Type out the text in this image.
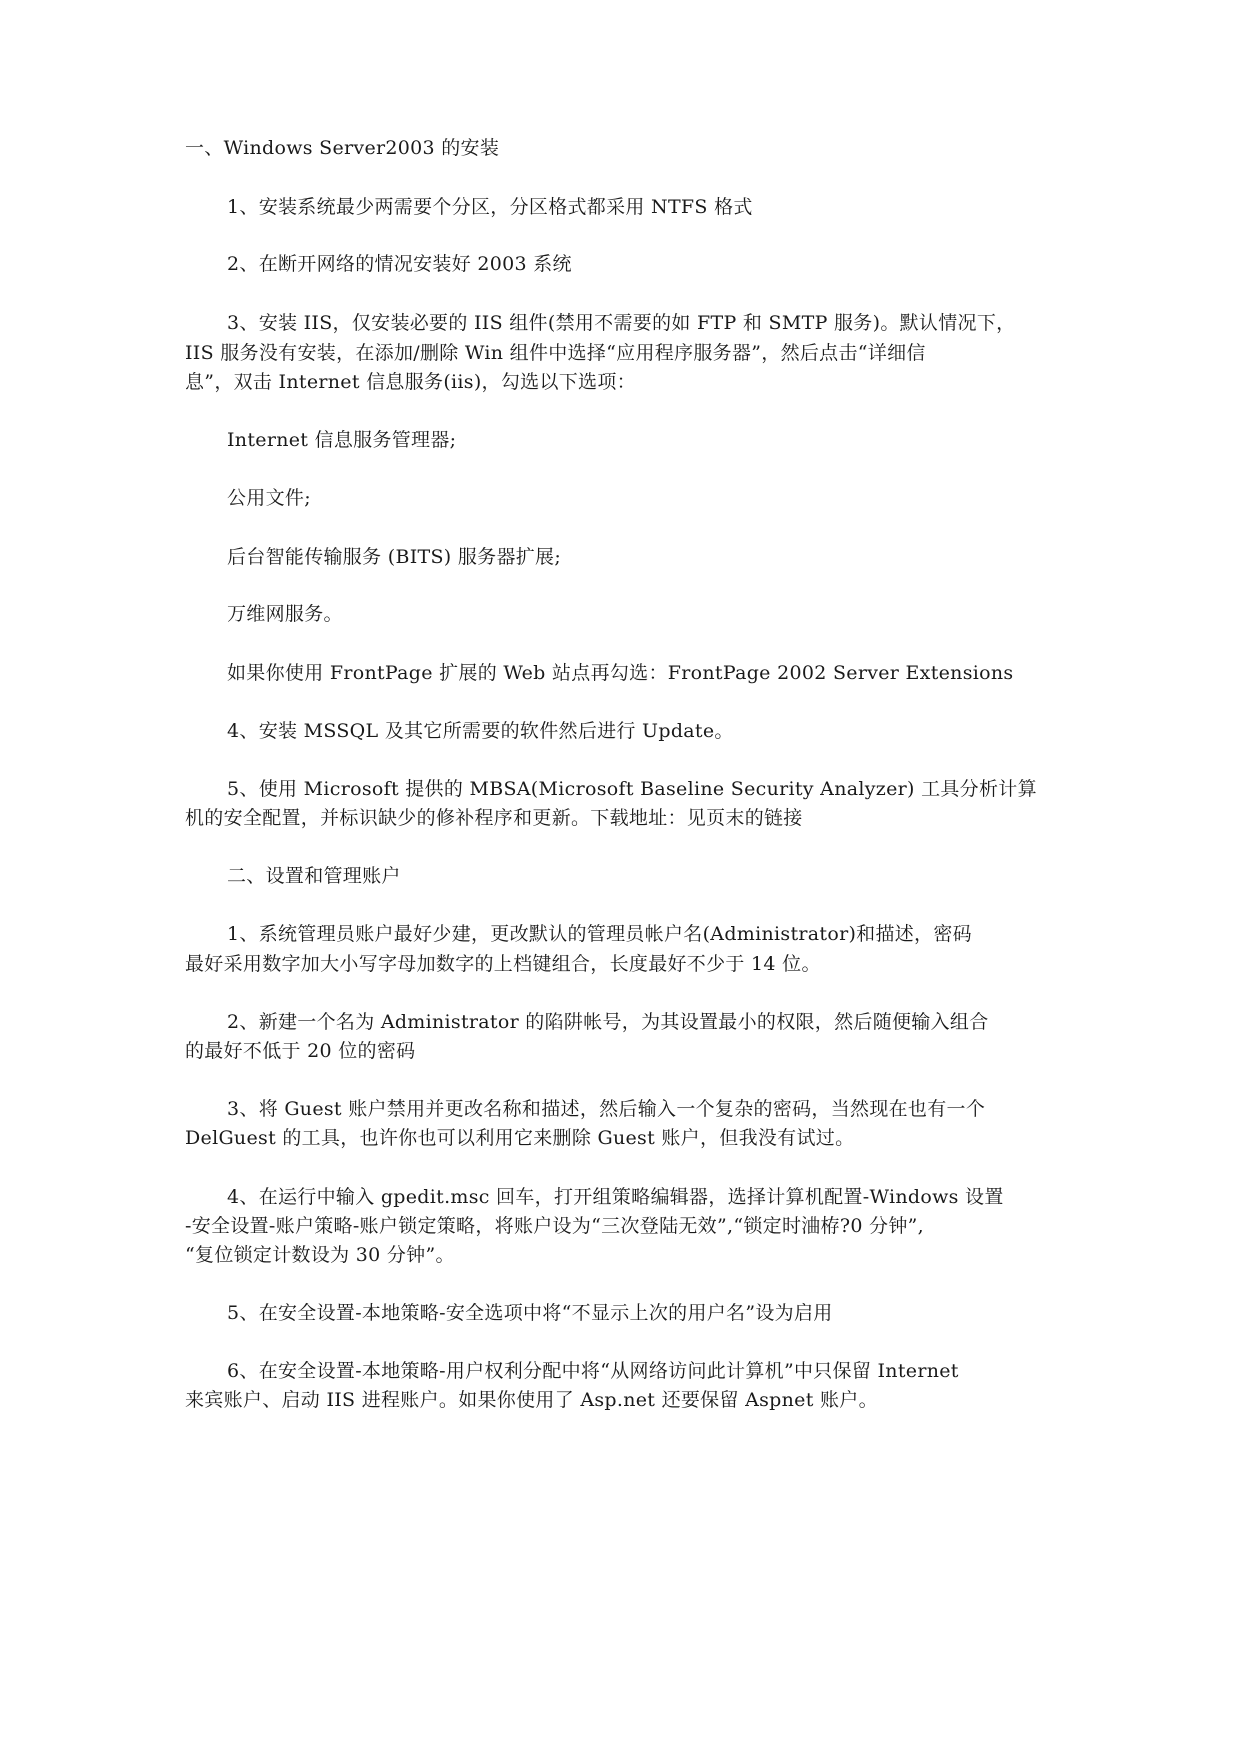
一、Windows Server2003 的安装

1、安装系统最少两需要个分区，分区格式都采用 NTFS 格式

2、在断开网络的情况安装好 2003 系统

3、安装 IIS，仅安装必要的 IIS 组件(禁用不需要的如 FTP 和 SMTP 服务)。默认情况下，

IIS 服务没有安装，在添加/删除 Win 组件中选择“应用程序服务器”，然后点击“详细信

息”，双击 Internet 信息服务(iis)，勾选以下选项：

Internet 信息服务管理器;

公用文件;

后台智能传输服务 (BITS) 服务器扩展;

万维网服务。

如果你使用 FrontPage 扩展的 Web 站点再勾选：FrontPage 2002 Server Extensions

4、安装 MSSQL 及其它所需要的软件然后进行 Update。

5、使用 Microsoft 提供的 MBSA(Microsoft Baseline Security Analyzer) 工具分析计算

机的安全配置，并标识缺少的修补程序和更新。下载地址：见页末的链接

二、设置和管理账户

1、系统管理员账户最好少建，更改默认的管理员帐户名(Administrator)和描述，密码

最好采用数字加大小写字母加数字的上档键组合，长度最好不少于 14 位。

2、新建一个名为 Administrator 的陷阱帐号，为其设置最小的权限，然后随便输入组合

的最好不低于 20 位的密码

3、将 Guest 账户禁用并更改名称和描述，然后输入一个复杂的密码，当然现在也有一个

DelGuest 的工具，也许你也可以利用它来删除 Guest 账户，但我没有试过。

4、在运行中输入 gpedit.msc 回车，打开组策略编辑器，选择计算机配置-Windows 设置

-安全设置-账户策略-账户锁定策略，将账户设为“三次登陆无效”,“锁定时浀栫?0 分钟”,

“复位锁定计数设为 30 分钟”。

5、在安全设置-本地策略-安全选项中将“不显示上次的用户名”设为启用

6、在安全设置-本地策略-用户权利分配中将“从网络访问此计算机”中只保留 Internet

来宾账户、启动 IIS 进程账户。如果你使用了 Asp.net 还要保留 Aspnet 账户。
